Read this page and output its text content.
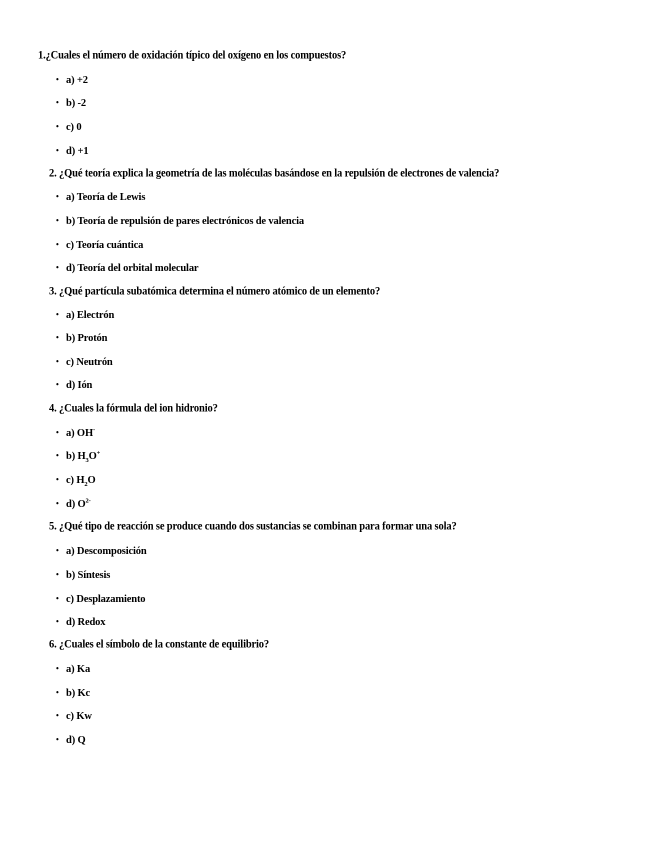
1.¿Cuales el número de oxidación típico del oxígeno en los compuestos?
• a) +2
• b) -2
• c) 0
• d) +1
2. ¿Qué teoría explica la geometría de las moléculas basándose en la repulsión de electrones de valencia?
• a) Teoría de Lewis
• b) Teoría de repulsión de pares electrónicos de valencia
• c) Teoría cuántica
• d) Teoría del orbital molecular
3. ¿Qué partícula subatómica determina el número atómico de un elemento?
• a) Electrón
• b) Protón
• c) Neutrón
• d) Ión
4. ¿Cuales la fórmula del ion hidronio?
• a) OH-
• b) $H_3O^+$
• c) $H_2O$
• d) $O^{2-}$
5. ¿Qué tipo de reacción se produce cuando dos sustancias se combinan para formar una sola?
• a) Descomposición
• b) Síntesis
• c) Desplazamiento
• d) Redox
6. ¿Cuales el símbolo de la constante de equilibrio?
• a) Ka
• b) Kc
• c) Kw
• d) Q
